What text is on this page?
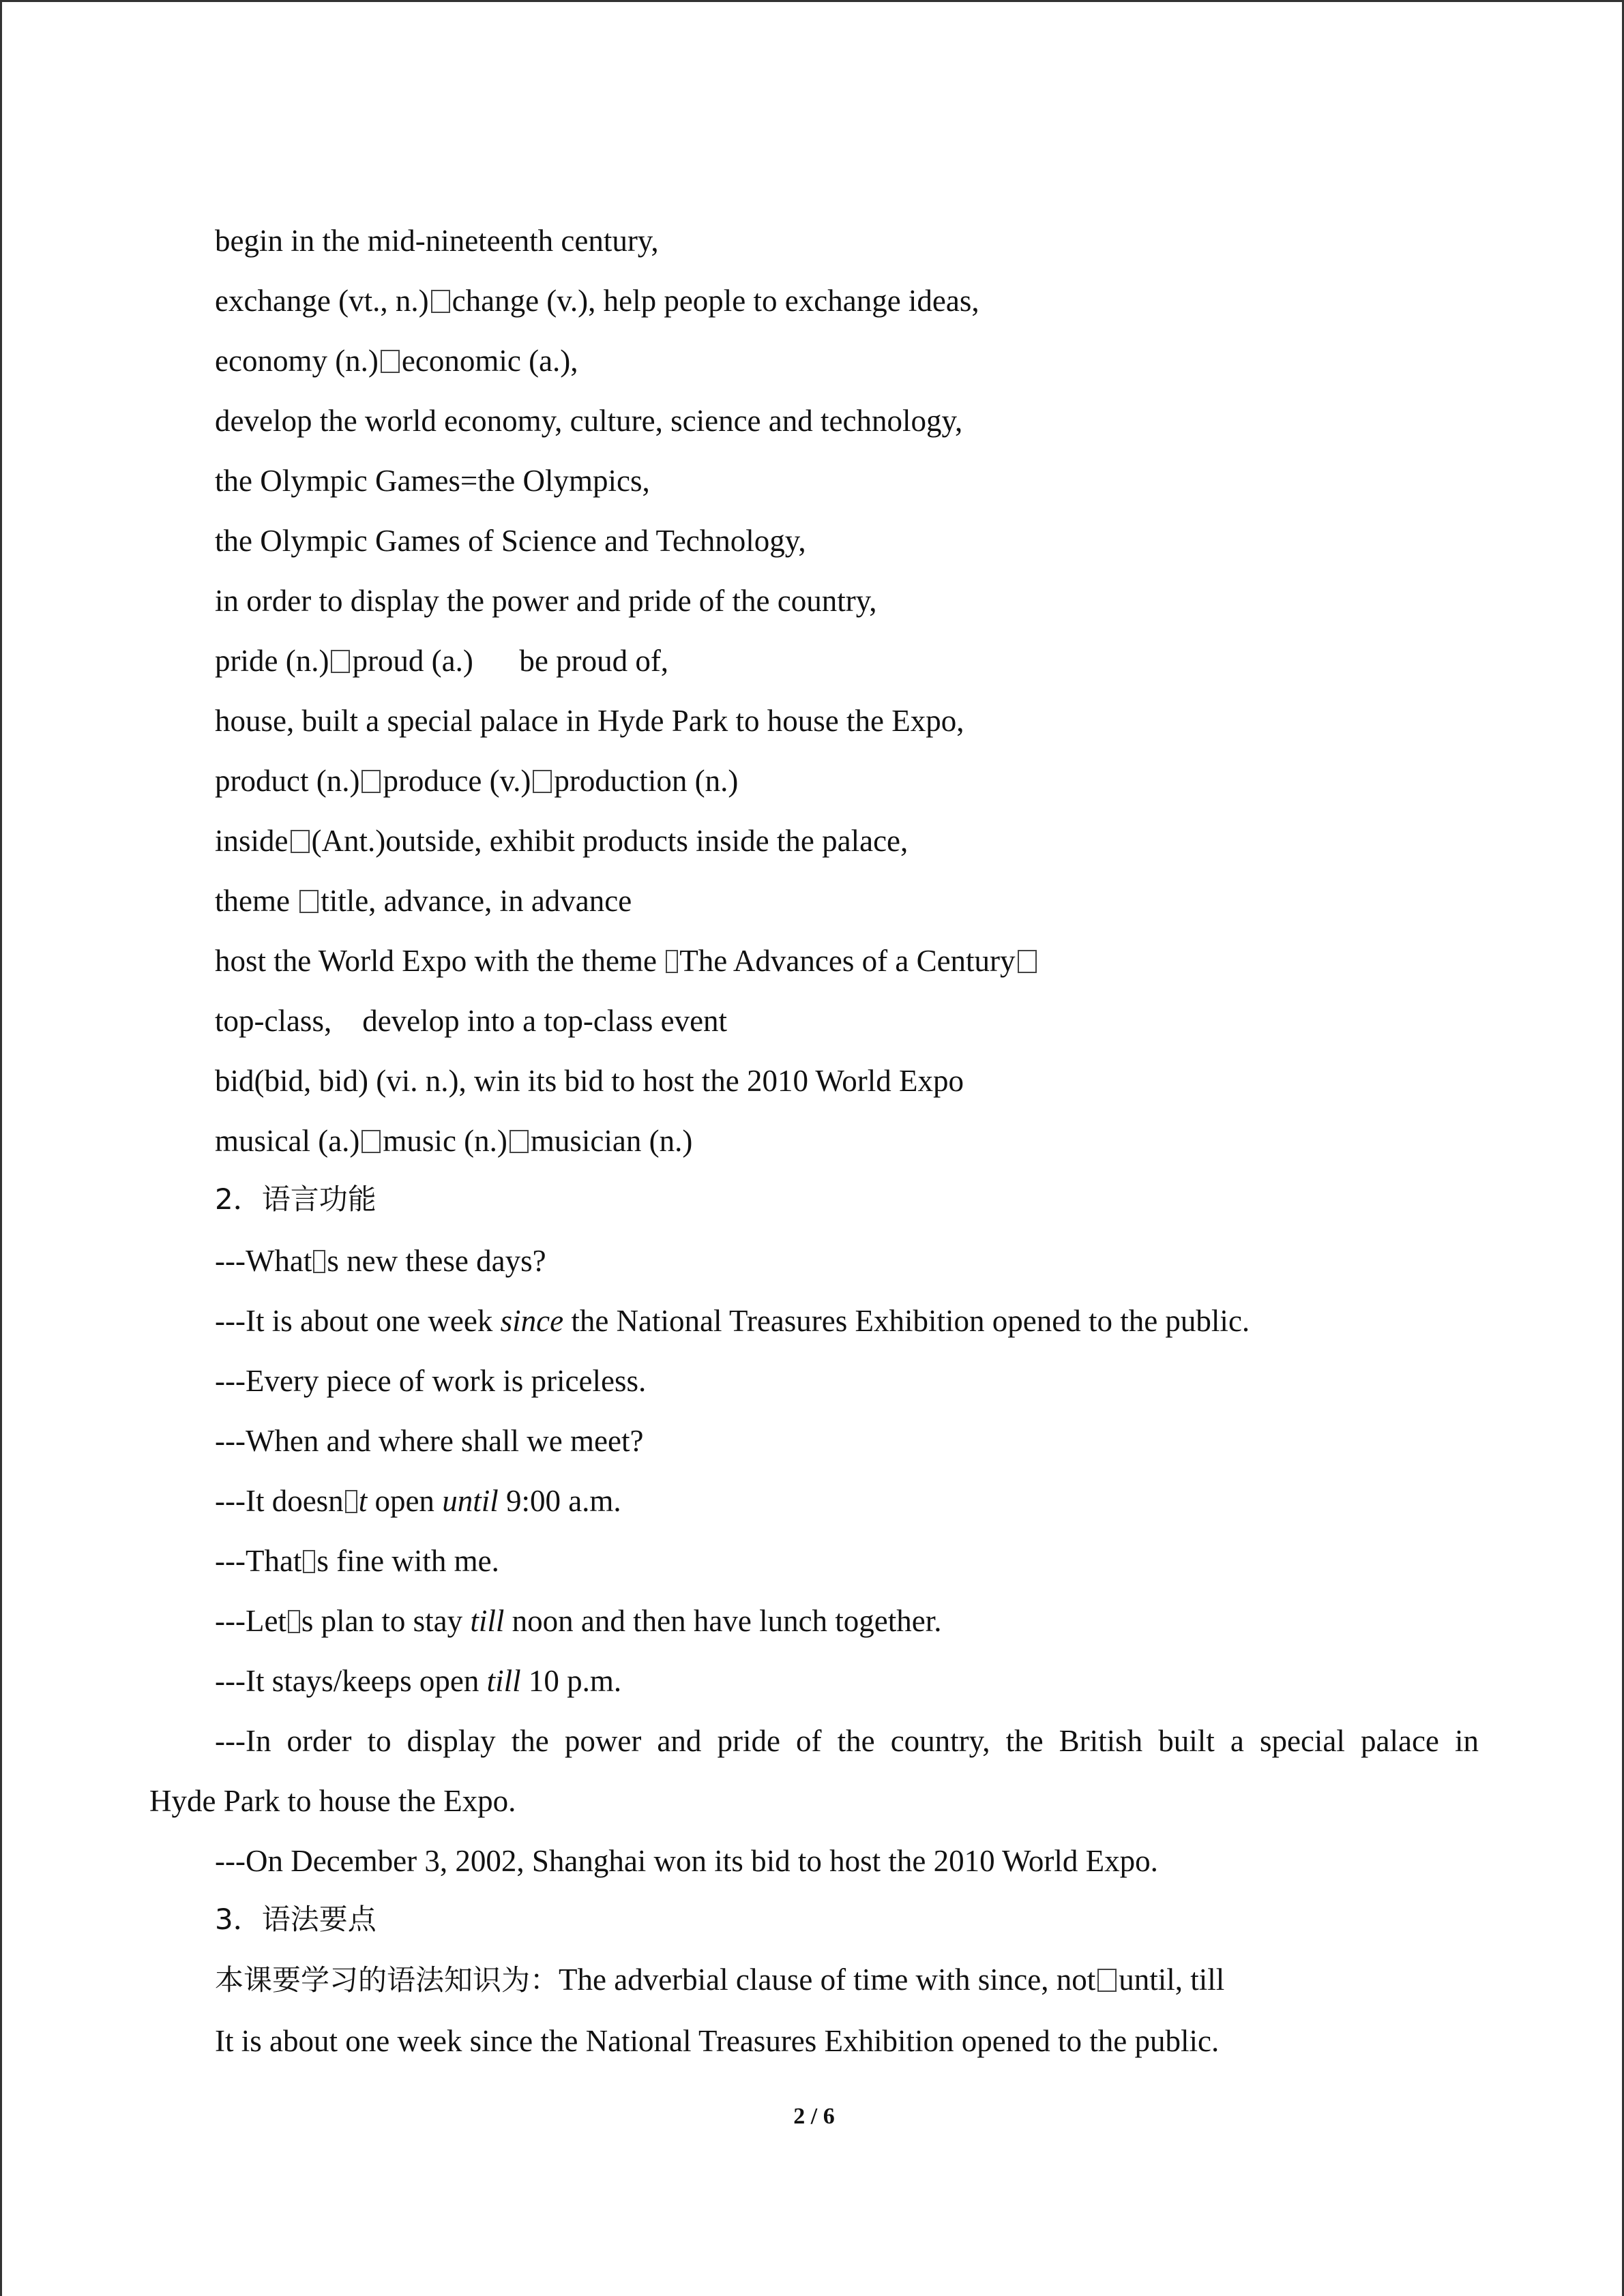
begin in the mid-nineteenth century,
exchange (vt., n.) change (v.), help people to exchange ideas,
economy (n.) economic (a.),
develop the world economy, culture, science and technology,
the Olympic Games=the Olympics,
the Olympic Games of Science and Technology,
in order to display the power and pride of the country,
pride (n.) proud (a.)      be proud of,
house, built a special palace in Hyde Park to house the Expo,
product (n.) produce (v.) production (n.)
inside (Ant.)outside, exhibit products inside the palace,
theme title, advance, in advance
host the World Expo with the theme The Advances of a Century
top-class,    develop into a top-class event
bid(bid, bid) (vi. n.), win its bid to host the 2010 World Expo
musical (a.) music (n.) musician (n.)
2．语言功能
---What s new these days?
---It is about one week since the National Treasures Exhibition opened to the public.
---Every piece of work is priceless.
---When and where shall we meet?
---It doesn t open until 9:00 a.m.
---That s fine with me.
---Let s plan to stay till noon and then have lunch together.
---It stays/keeps open till 10 p.m.
---In order to display the power and pride of the country, the British built a special palace in
Hyde Park to house the Expo.
---On December 3, 2002, Shanghai won its bid to host the 2010 World Expo.
3．语法要点
本课要学习的语法知识为：The adverbial clause of time with since, not until, till
It is about one week since the National Treasures Exhibition opened to the public.
2 / 6
